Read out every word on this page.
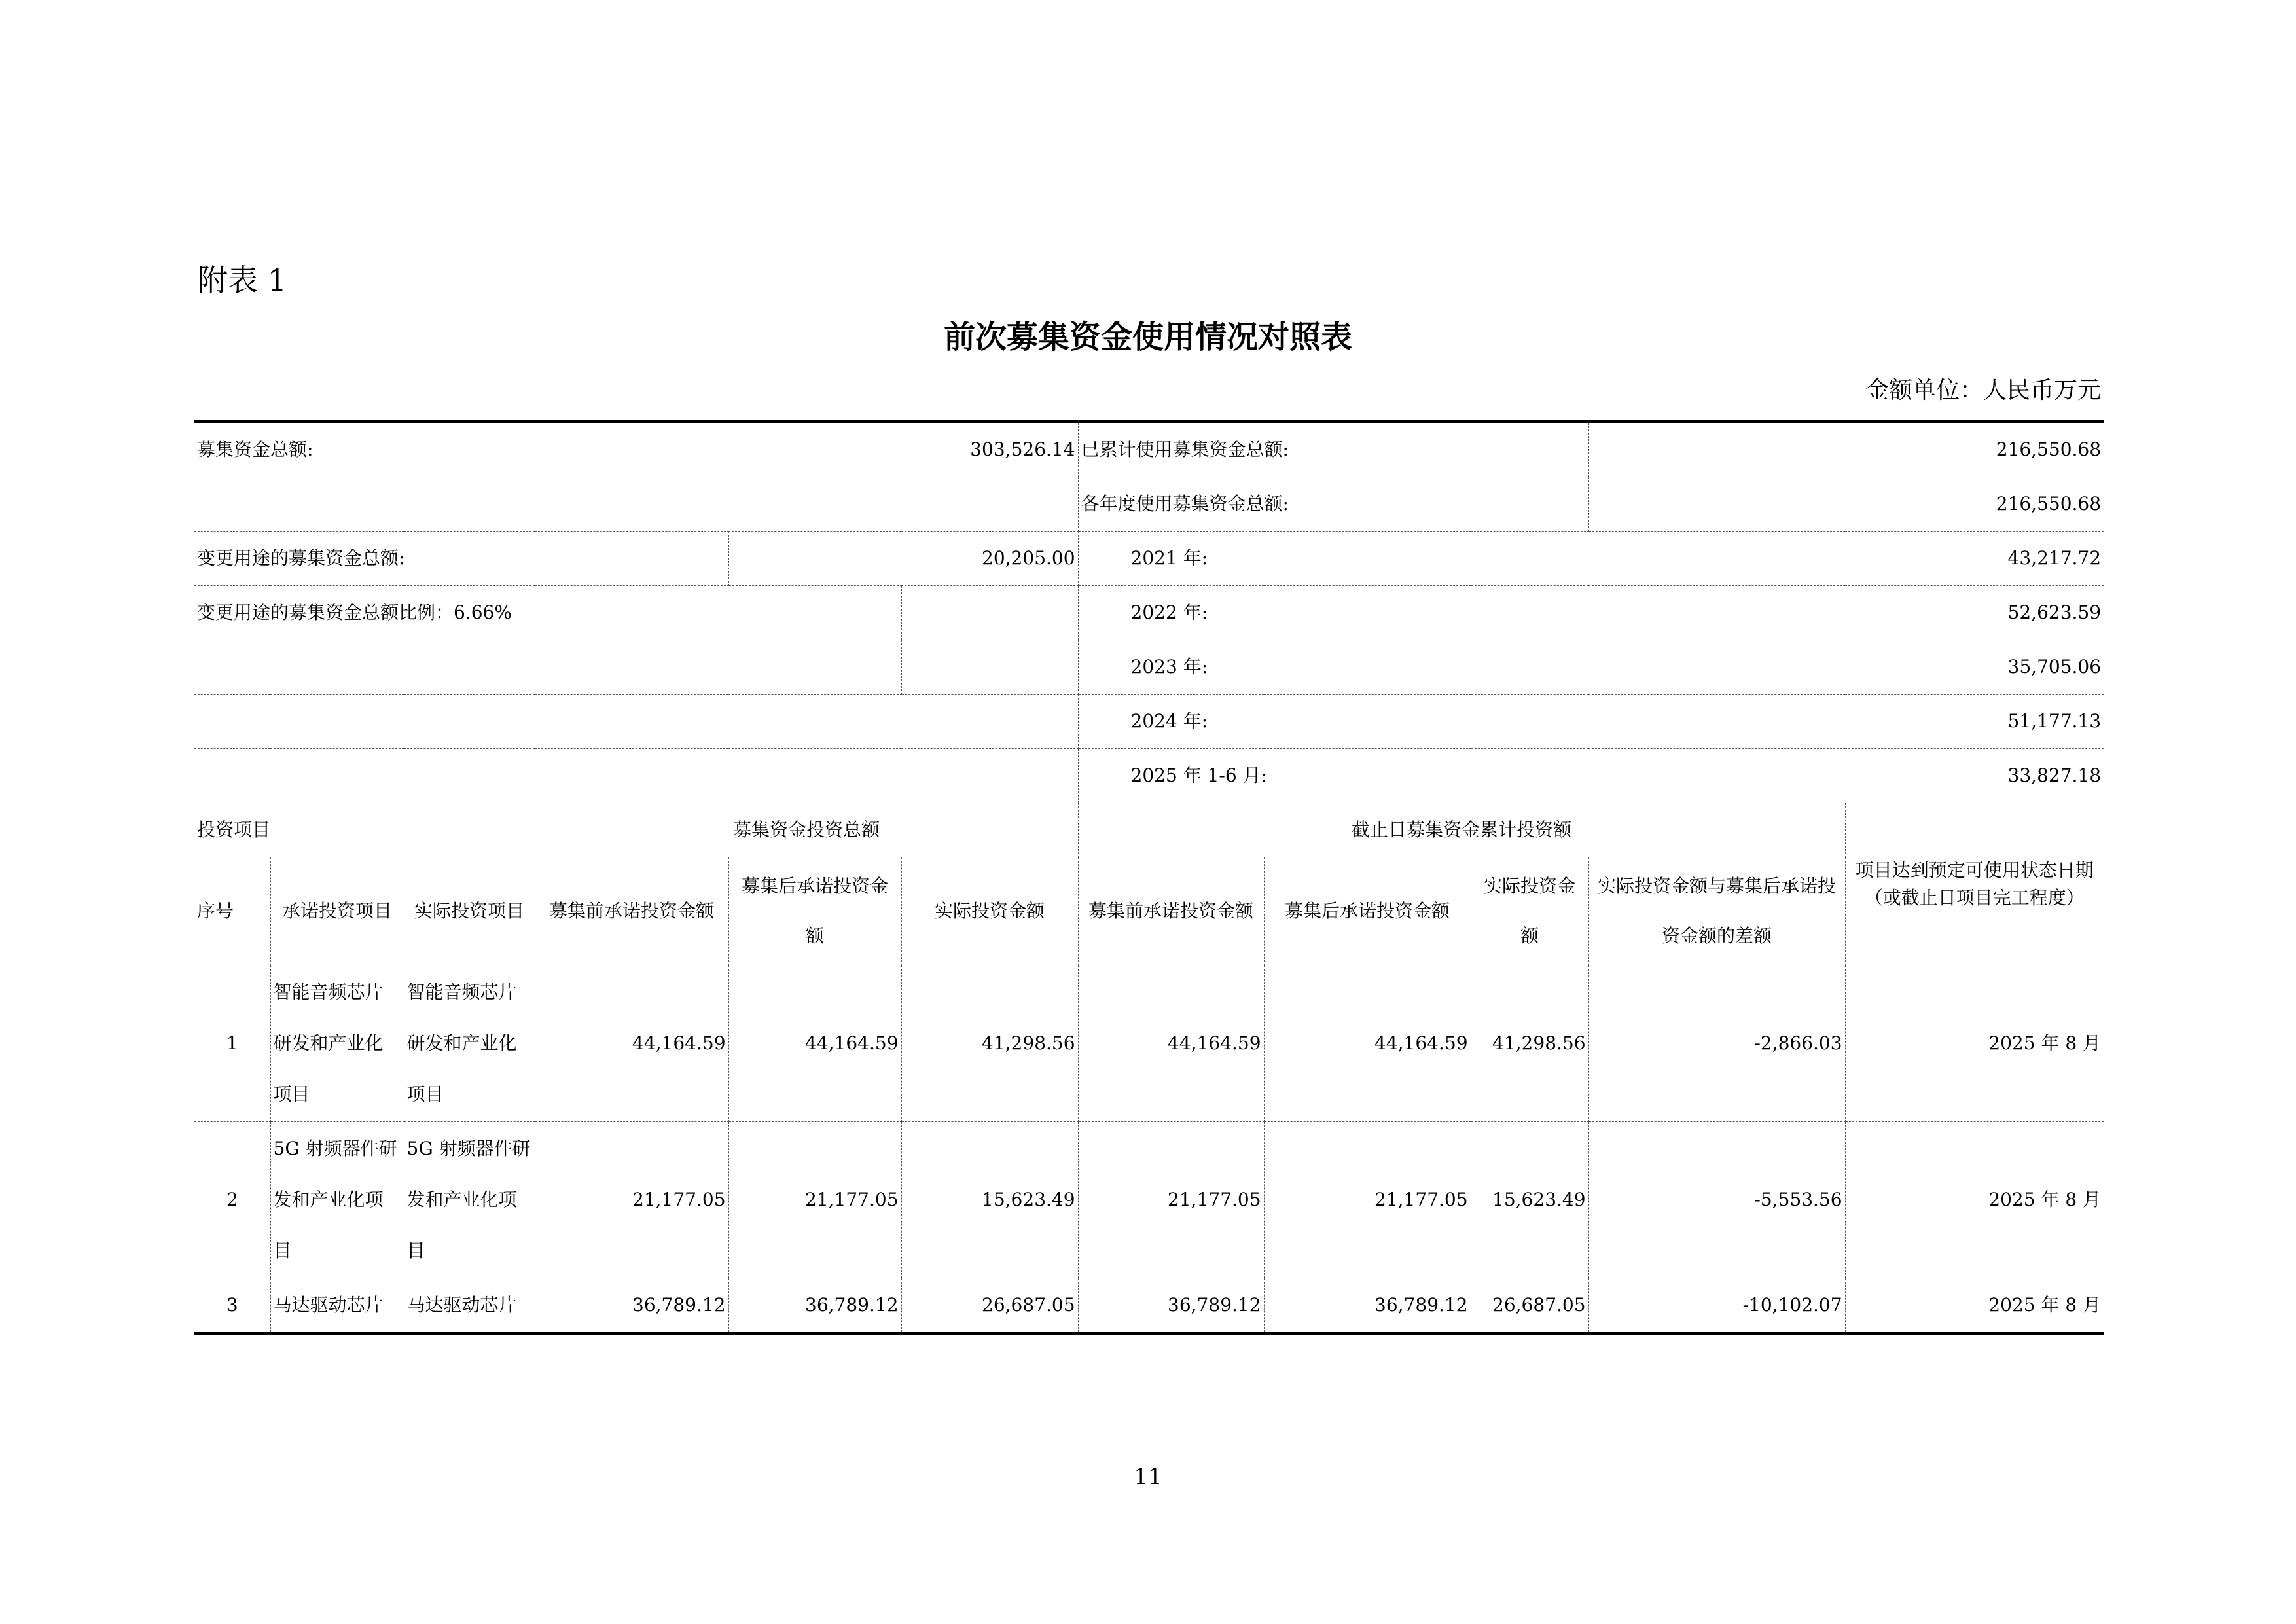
附表 1
前次募集资金使用情况对照表
金额单位：人民币万元
募集资金总额:			303,526.14			已累计使用募集资金总额:			216,550.68	
						各年度使用募集资金总额:			216,550.68	
变更用途的募集资金总额:				20,205.00		2021 年:		43,217.72		
变更用途的募集资金总额比例：6.66%						2022 年:		52,623.59		
						2023 年:		35,705.06		
						2024 年:		51,177.13		
						2025 年 1-6 月:		33,827.18		
投资项目			募集资金投资总额			截止日募集资金累计投资额				项目达到预定可使用状态日期（或截止日项目完工程度）
序号	承诺投资项目	实际投资项目	募集前承诺投资金额	募集后承诺投资金额	实际投资金额	募集前承诺投资金额	募集后承诺投资金额	实际投资金额	实际投资金额与募集后承诺投资金额的差额	
1	智能音频芯片研发和产业化项目	智能音频芯片研发和产业化项目	44,164.59	44,164.59	41,298.56	44,164.59	44,164.59	41,298.56	-2,866.03	2025 年 8 月
2	5G 射频器件研发和产业化项目	5G 射频器件研发和产业化项目	21,177.05	21,177.05	15,623.49	21,177.05	21,177.05	15,623.49	-5,553.56	2025 年 8 月
3	马达驱动芯片	马达驱动芯片	36,789.12	36,789.12	26,687.05	36,789.12	36,789.12	26,687.05	-10,102.07	2025 年 8 月
11
